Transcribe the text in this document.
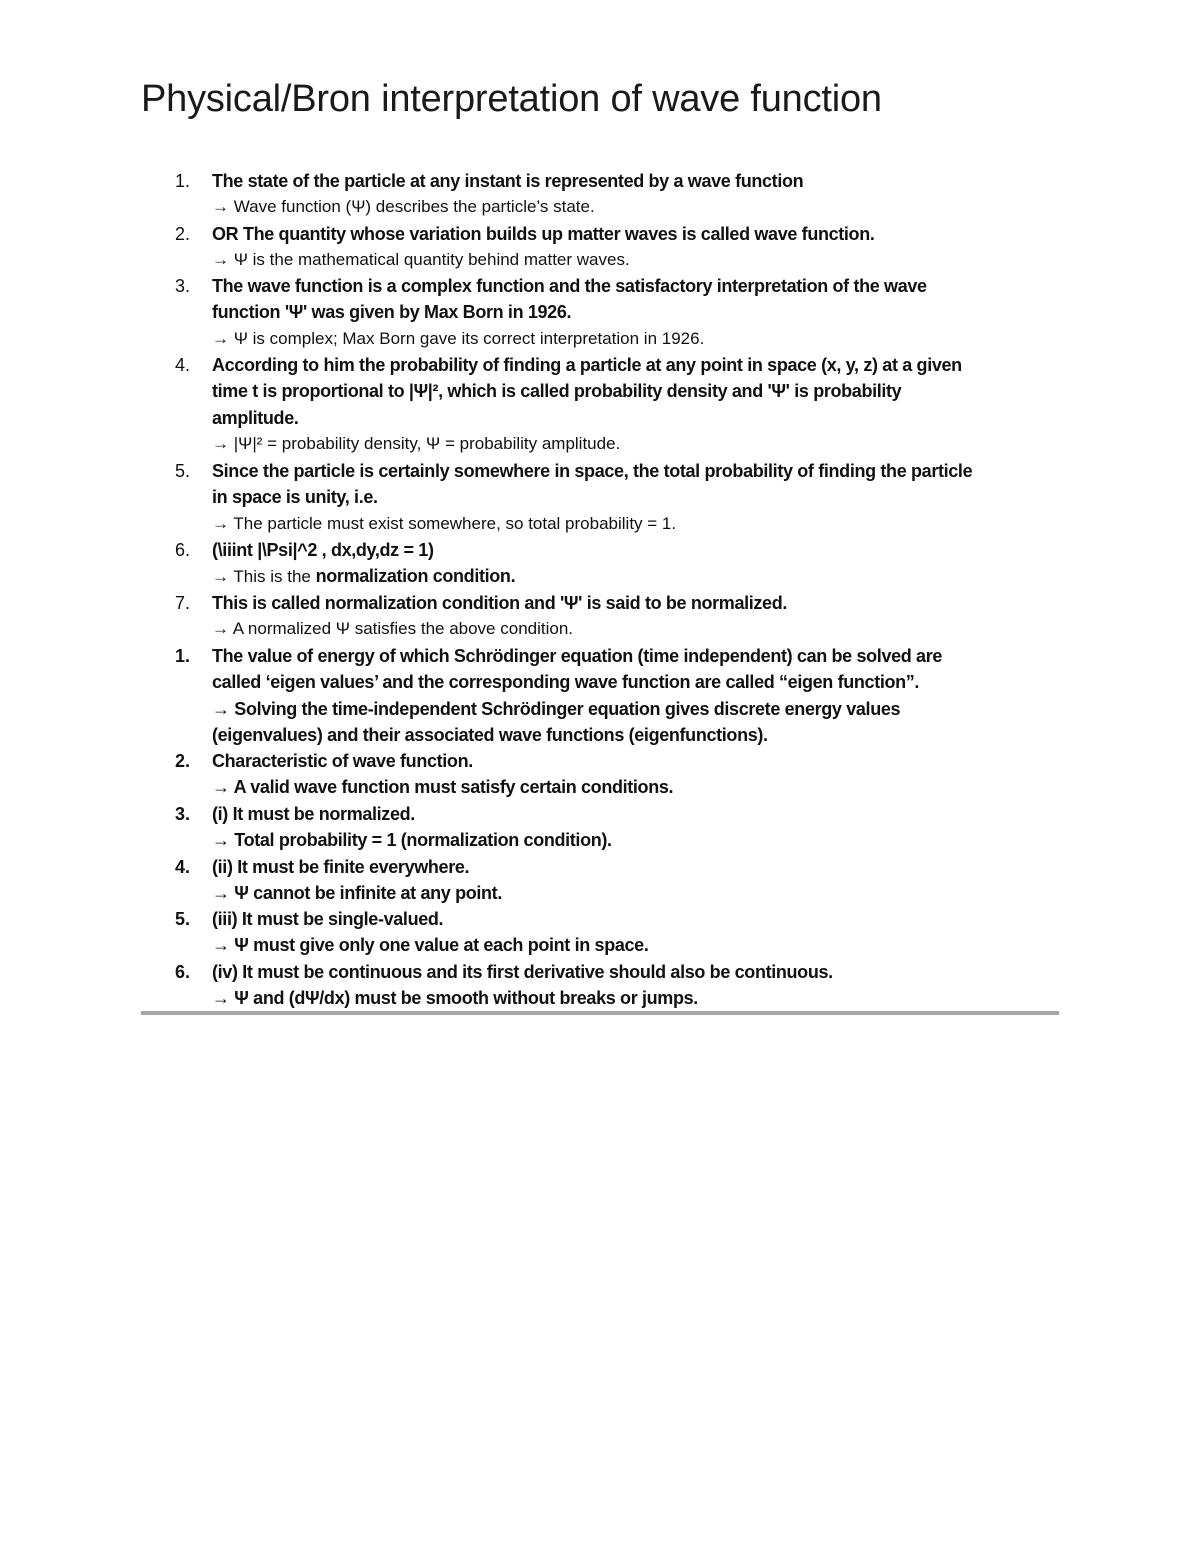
Physical/Bron interpretation of wave function
1.	The state of the particle at any instant is represented by a wave function
→ Wave function (Ψ) describes the particle’s state.
2.	OR The quantity whose variation builds up matter waves is called wave function.
→ Ψ is the mathematical quantity behind matter waves.
3.	The wave function is a complex function and the satisfactory interpretation of the wave
function 'Ψ' was given by Max Born in 1926.
→ Ψ is complex; Max Born gave its correct interpretation in 1926.
4.	According to him the probability of finding a particle at any point in space (x, y, z) at a given
time t is proportional to |Ψ|², which is called probability density and 'Ψ' is probability
amplitude.
→ |Ψ|² = probability density, Ψ = probability amplitude.
5.	Since the particle is certainly somewhere in space, the total probability of finding the particle
in space is unity, i.e.
→ The particle must exist somewhere, so total probability = 1.
6.	(\iiint |\Psi|^2 , dx,dy,dz = 1)
→ This is the normalization condition.
7.	This is called normalization condition and 'Ψ' is said to be normalized.
→ A normalized Ψ satisfies the above condition.
1.	The value of energy of which Schrödinger equation (time independent) can be solved are
called ‘eigen values’ and the corresponding wave function are called “eigen function”.
→ Solving the time-independent Schrödinger equation gives discrete energy values
(eigenvalues) and their associated wave functions (eigenfunctions).
2.	Characteristic of wave function.
→ A valid wave function must satisfy certain conditions.
3.	(i) It must be normalized.
→ Total probability = 1 (normalization condition).
4.	(ii) It must be finite everywhere.
→ Ψ cannot be infinite at any point.
5.	(iii) It must be single-valued.
→ Ψ must give only one value at each point in space.
6.	(iv) It must be continuous and its first derivative should also be continuous.
→ Ψ and (dΨ/dx) must be smooth without breaks or jumps.
